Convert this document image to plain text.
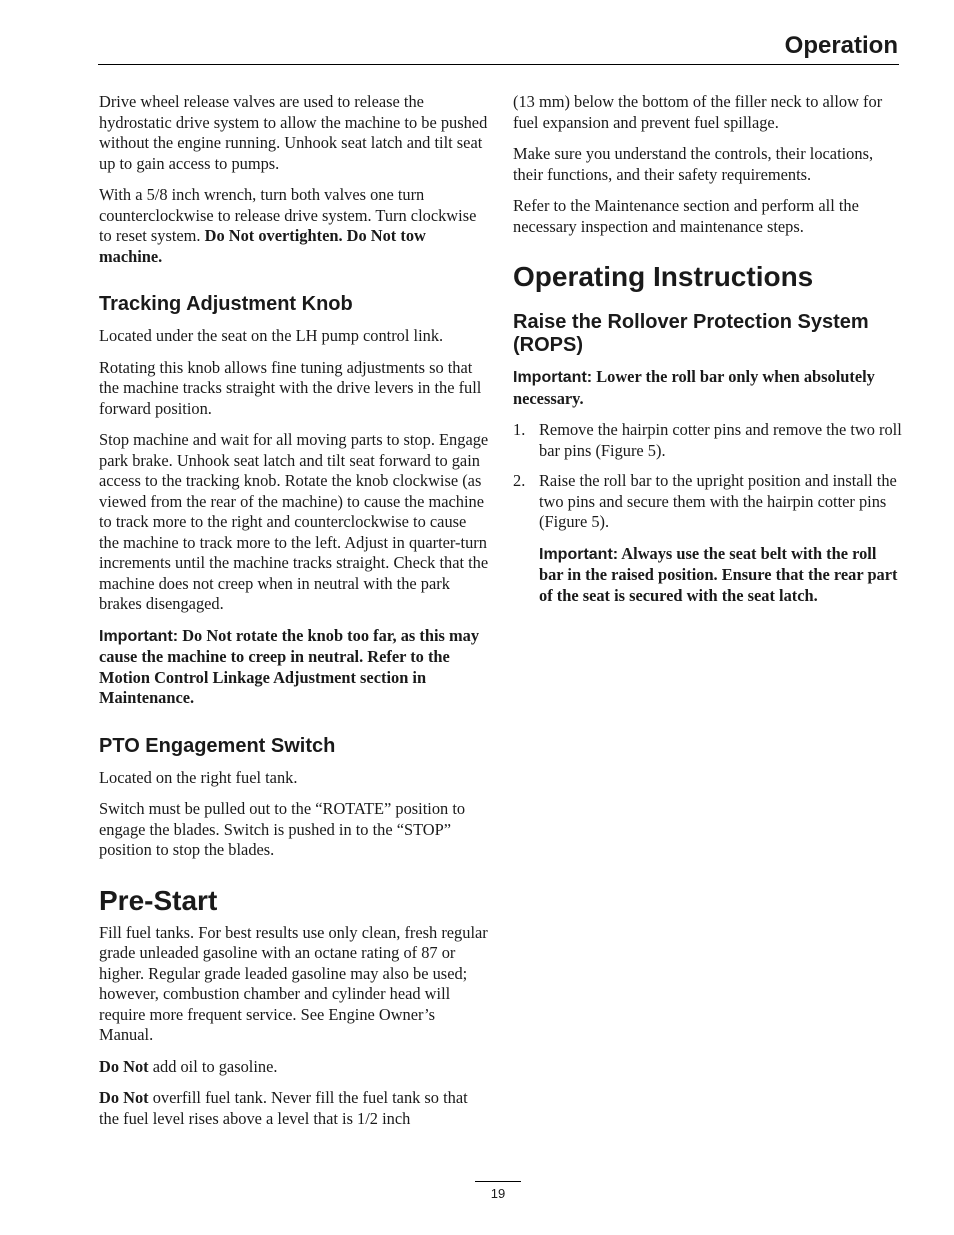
Operation

Drive wheel release valves are used to release the hydrostatic drive system to allow the machine to be pushed without the engine running. Unhook seat latch and tilt seat up to gain access to pumps.

With a 5/8 inch wrench, turn both valves one turn counterclockwise to release drive system. Turn clockwise to reset system. Do Not overtighten. Do Not tow machine.

Tracking Adjustment Knob

Located under the seat on the LH pump control link.

Rotating this knob allows fine tuning adjustments so that the machine tracks straight with the drive levers in the full forward position.

Stop machine and wait for all moving parts to stop. Engage park brake. Unhook seat latch and tilt seat forward to gain access to the tracking knob. Rotate the knob clockwise (as viewed from the rear of the machine) to cause the machine to track more to the right and counterclockwise to cause the machine to track more to the left. Adjust in quarter-turn increments until the machine tracks straight. Check that the machine does not creep when in neutral with the park brakes disengaged.

Important: Do Not rotate the knob too far, as this may cause the machine to creep in neutral. Refer to the Motion Control Linkage Adjustment section in Maintenance.

PTO Engagement Switch

Located on the right fuel tank.

Switch must be pulled out to the “ROTATE” position to engage the blades. Switch is pushed in to the “STOP” position to stop the blades.

Pre-Start

Fill fuel tanks. For best results use only clean, fresh regular grade unleaded gasoline with an octane rating of 87 or higher. Regular grade leaded gasoline may also be used; however, combustion chamber and cylinder head will require more frequent service. See Engine Owner’s Manual.

Do Not add oil to gasoline.

Do Not overfill fuel tank. Never fill the fuel tank so that the fuel level rises above a level that is 1/2 inch

(13 mm) below the bottom of the filler neck to allow for fuel expansion and prevent fuel spillage.

Make sure you understand the controls, their locations, their functions, and their safety requirements.

Refer to the Maintenance section and perform all the necessary inspection and maintenance steps.

Operating Instructions
Raise the Rollover Protection System (ROPS)

Important: Lower the roll bar only when absolutely necessary.

1. Remove the hairpin cotter pins and remove the two roll bar pins (Figure 5).
2. Raise the roll bar to the upright position and install the two pins and secure them with the hairpin cotter pins (Figure 5).

Important: Always use the seat belt with the roll bar in the raised position. Ensure that the rear part of the seat is secured with the seat latch.

19
